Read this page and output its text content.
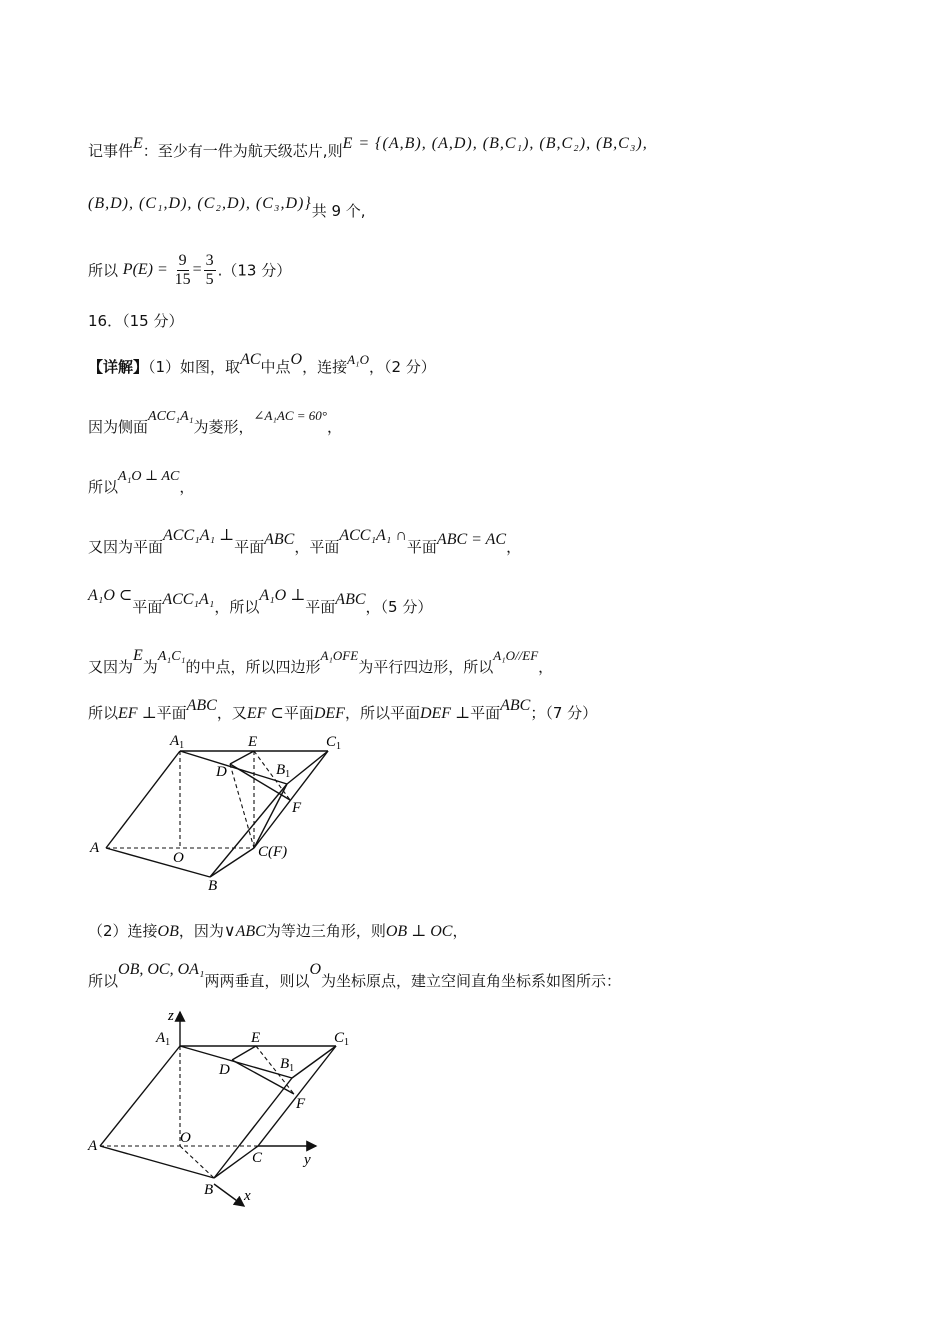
记事件E：至少有一件为航天级芯片,则E = {(A,B), (A,D), (B,C₁), (B,C₂), (B,C₃),
(B,D), (C₁,D), (C₂,D), (C₃,D)}共 9 个,
所以 $P(E) = \frac{9}{15} = \frac{3}{5} .(13$ 分）
16．（15 分）
【详解】（1）如图，取AC中点O，连接A₁O，（2 分）
因为侧面ACC₁A₁为菱形，∠A₁AC = 60°，
所以A₁O ⊥ AC，
又因为平面ACC₁A₁ ⊥平面ABC，平面ACC₁A₁ ∩平面ABC = AC，
A₁O ⊂平面ACC₁A₁，所以A₁O ⊥平面ABC，（5 分）
又因为E为A₁C₁的中点，所以四边形A₁OFE为平行四边形，所以A₁O//EF，
所以EF ⊥平面ABC，又EF ⊂平面DEF，所以平面DEF ⊥平面ABC；（7 分）
$A_1$	E	$C_1$
D	$B_1$
F
A
O	C(F)
B
（2）连接OB，因为∨ABC为等边三角形，则OB ⊥ OC，
所以OB, OC, OA₁两两垂直，则以O为坐标原点，建立空间直角坐标系如图所示：
z
$A_1$	E	$C_1$
D	$B_1$
F
A	O
C	y
B x
